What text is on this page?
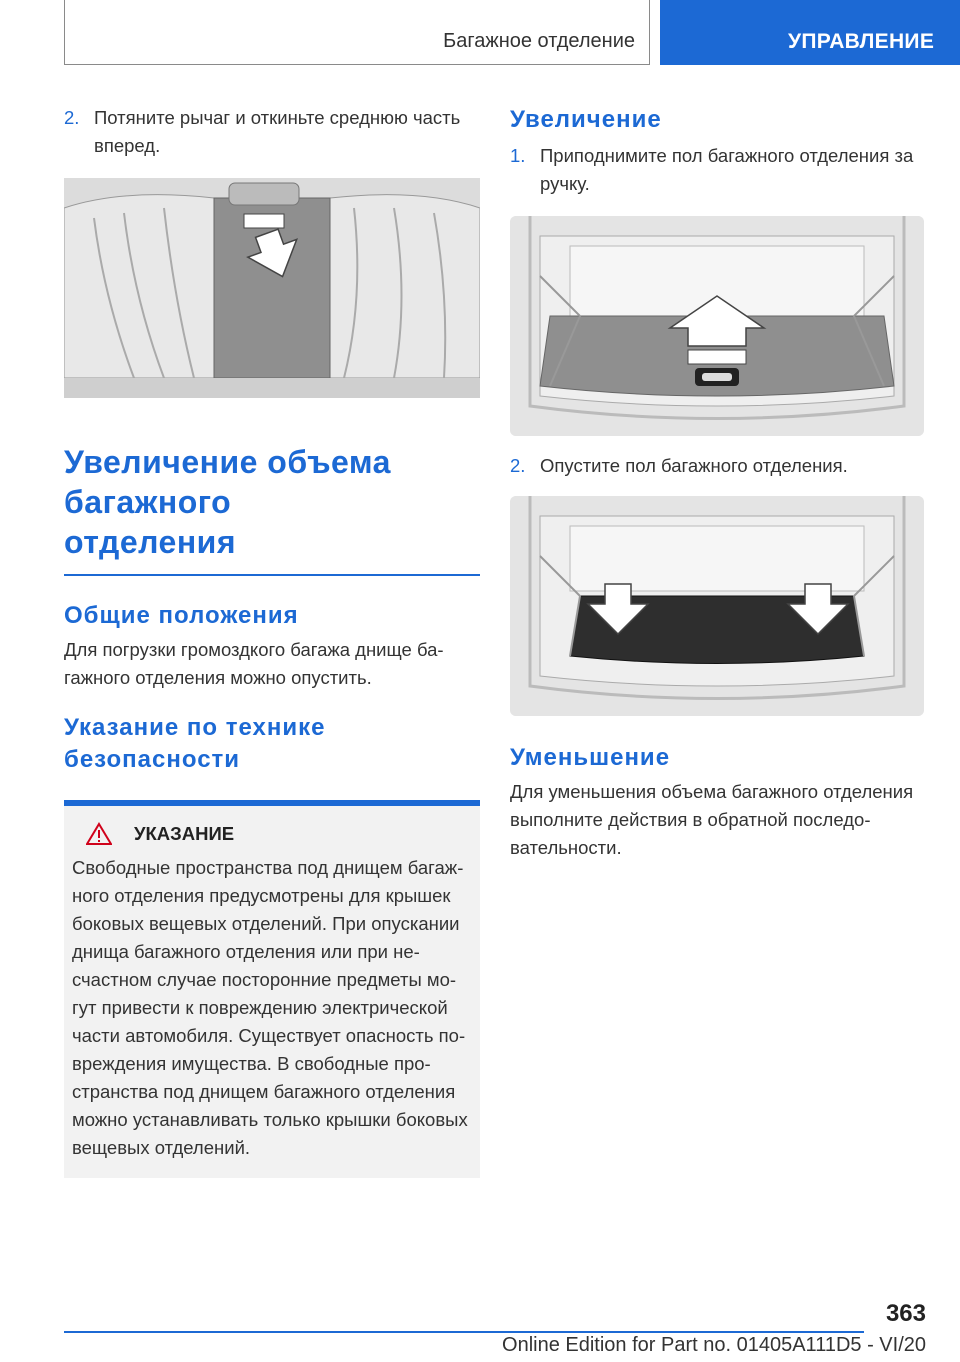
Багажное отделение	УПРАВЛЕНИЕ
2. Потяните рычаг и откиньте среднюю часть вперед.
Увеличение объема багажного отделения
Общие положения
Для погрузки громоздкого багажа днище багажного отделения можно опустить.
Указание по технике безопасности
УКАЗАНИЕ
Свободные пространства под днищем багажного отделения предусмотрены для крышек боковых вещевых отделений. При опускании днища багажного отделения или при несчастном случае посторонние предметы могут привести к повреждению электрической части автомобиля. Существует опасность повреждения имущества. В свободные пространства под днищем багажного отделения можно устанавливать только крышки боковых вещевых отделений.
Увеличение
1. Приподнимите пол багажного отделения за ручку.
2. Опустите пол багажного отделения.
Уменьшение
Для уменьшения объема багажного отделения выполните действия в обратной последовательности.
363
Online Edition for Part no. 01405A111D5 - VI/20
